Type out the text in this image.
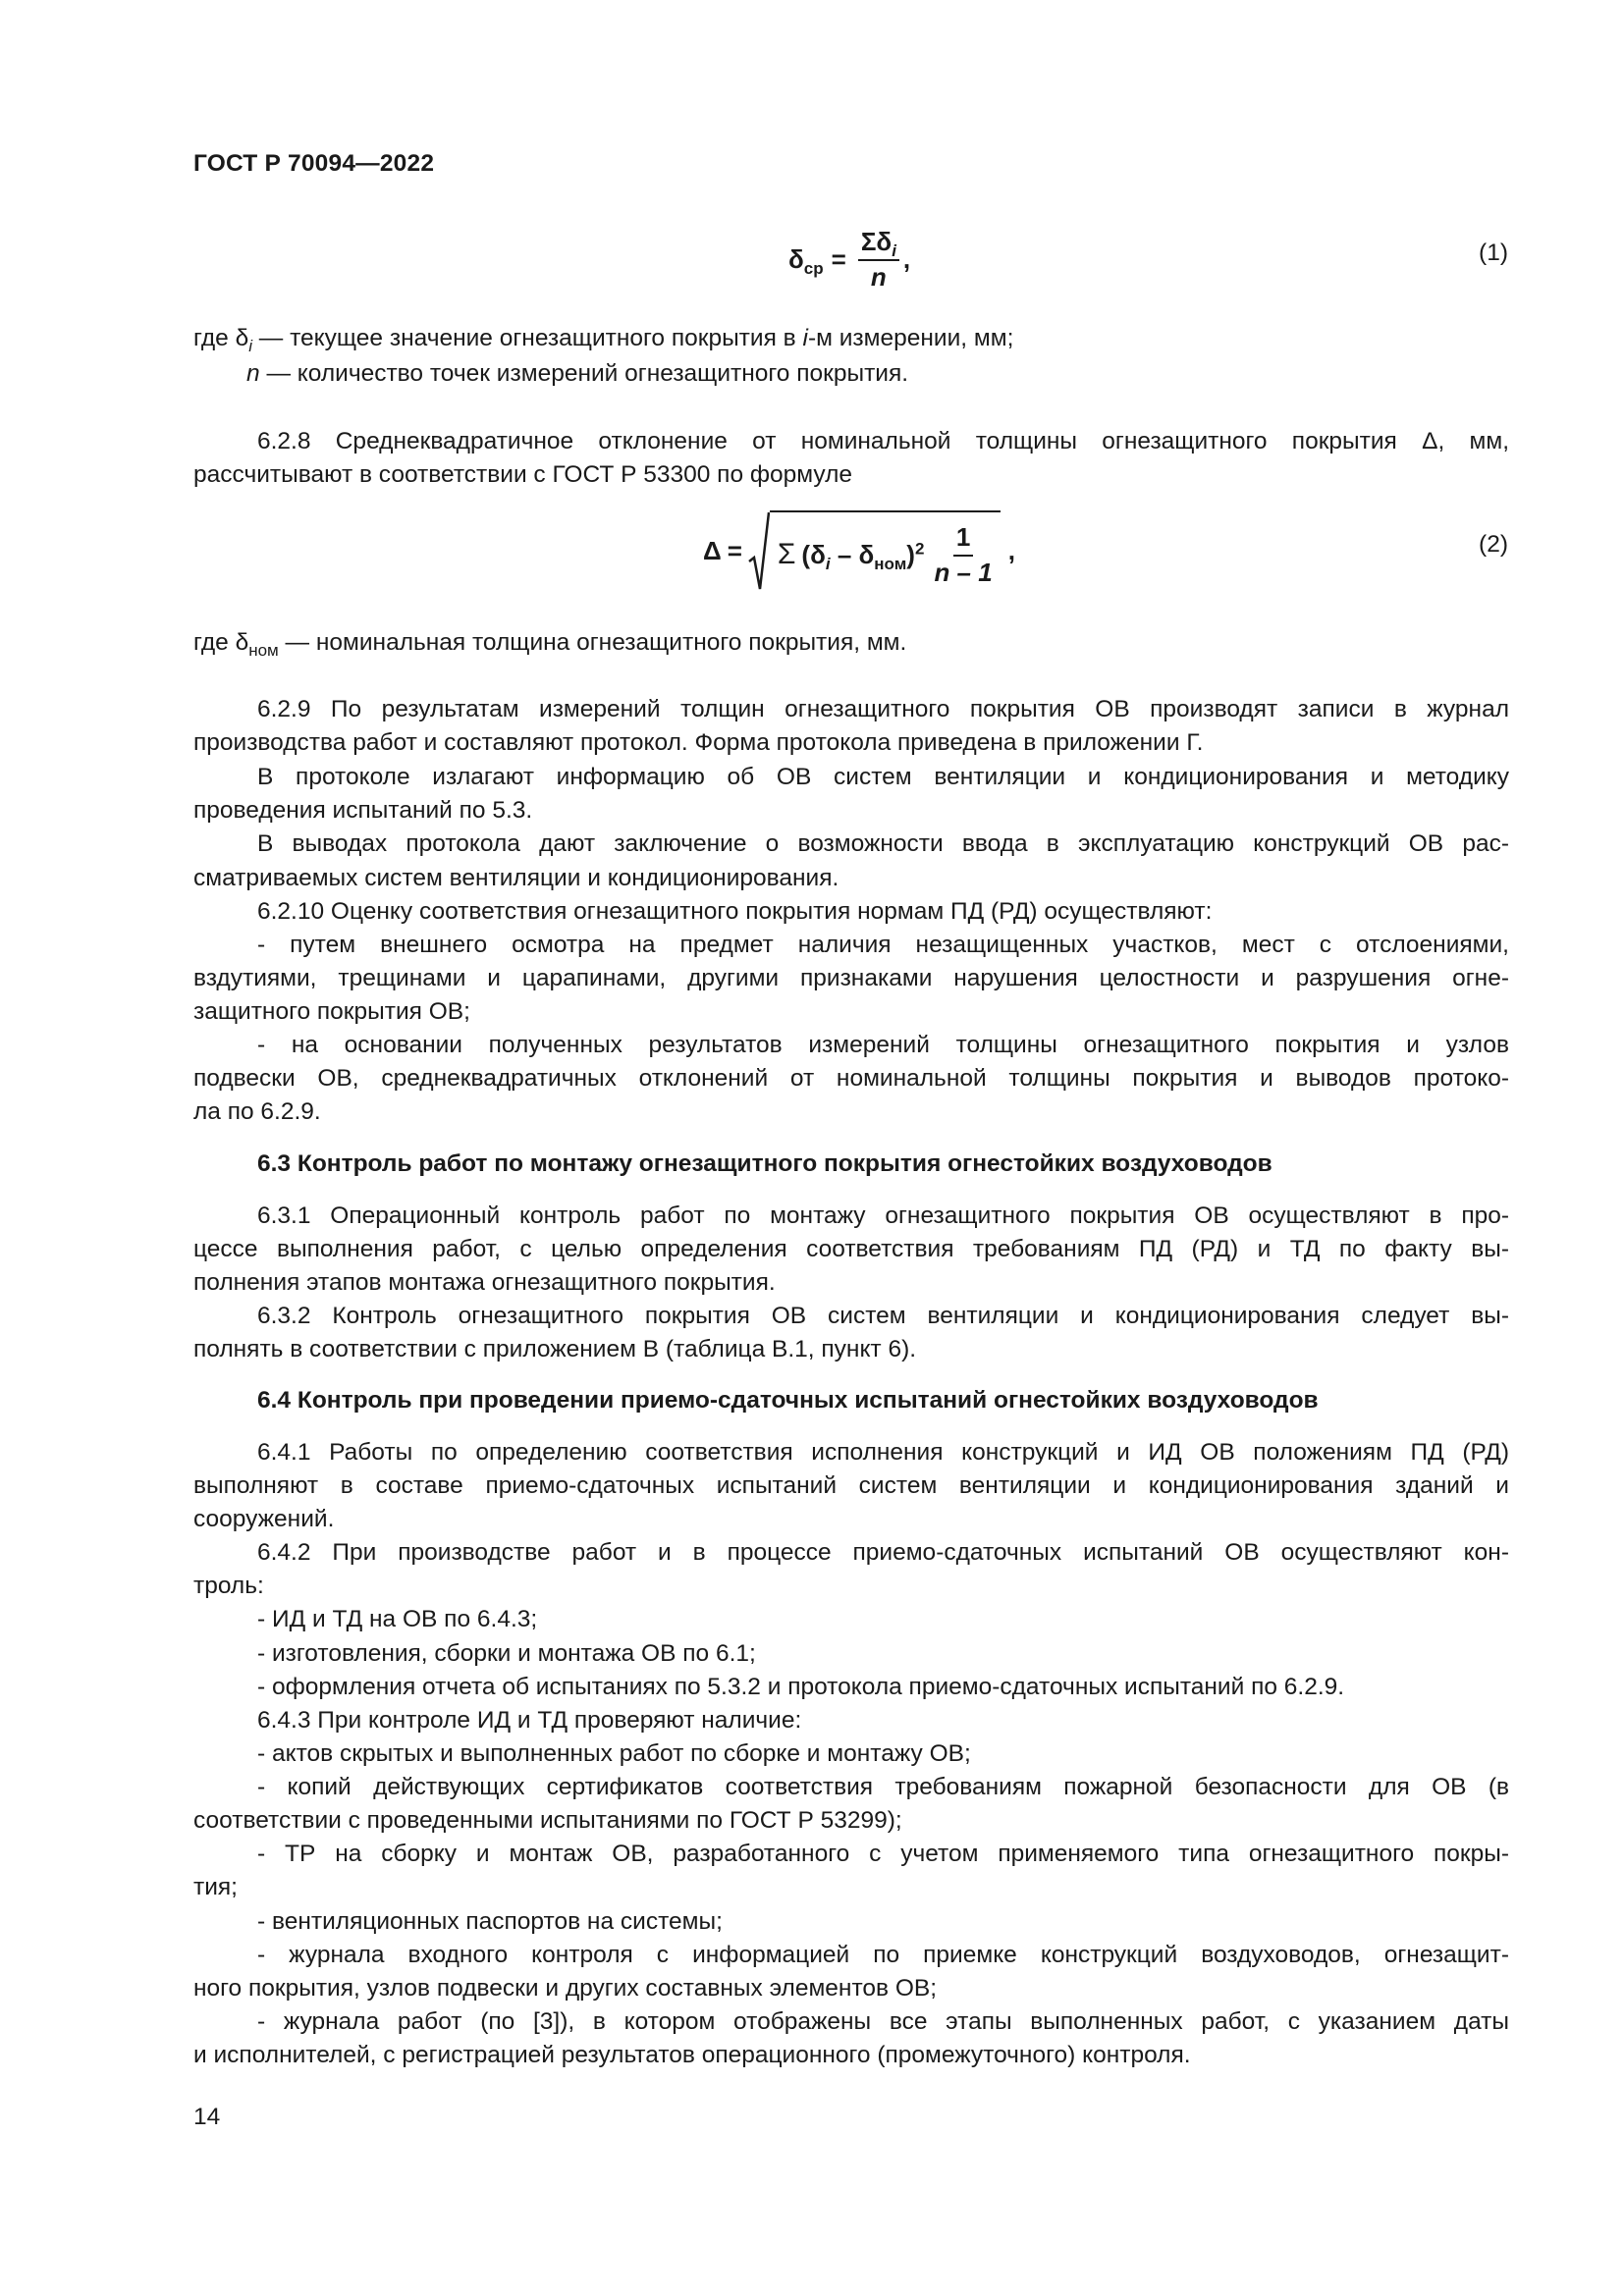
ГОСТ Р 70094—2022
$\delta_{ср} = \frac{\Sigma\delta_i}{n}$ ,	(1)
где $\delta_i$ — текущее значение огнезащитного покрытия в i-м измерении, мм;
n — количество точек измерений огнезащитного покрытия.
6.2.8 Среднеквадратичное отклонение от номинальной толщины огнезащитного покрытия Δ, мм,
рассчитывают в соответствии с ГОСТ Р 53300 по формуле
Δ = Σ $(\delta_i - \delta_{ном})^2 \frac{1}{n - 1}$ ,	(2)
где $\delta_{ном}$ — номинальная толщина огнезащитного покрытия, мм.
6.2.9 По результатам измерений толщин огнезащитного покрытия ОВ производят записи в журнал
производства работ и составляют протокол. Форма протокола приведена в приложении Г.
В протоколе излагают информацию об ОВ систем вентиляции и кондиционирования и методику
проведения испытаний по 5.3.
В выводах протокола дают заключение о возможности ввода в эксплуатацию конструкций ОВ рас-
сматриваемых систем вентиляции и кондиционирования.
6.2.10 Оценку соответствия огнезащитного покрытия нормам ПД (РД) осуществляют:
- путем внешнего осмотра на предмет наличия незащищенных участков, мест с отслоениями,
вздутиями, трещинами и царапинами, другими признаками нарушения целостности и разрушения огне-
защитного покрытия ОВ;
- на основании полученных результатов измерений толщины огнезащитного покрытия и узлов
подвески ОВ, среднеквадратичных отклонений от номинальной толщины покрытия и выводов протоко-
ла по 6.2.9.
6.3 Контроль работ по монтажу огнезащитного покрытия огнестойких воздуховодов
6.3.1 Операционный контроль работ по монтажу огнезащитного покрытия ОВ осуществляют в про-
цессе выполнения работ, с целью определения соответствия требованиям ПД (РД) и ТД по факту вы-
полнения этапов монтажа огнезащитного покрытия.
6.3.2 Контроль огнезащитного покрытия ОВ систем вентиляции и кондиционирования следует вы-
полнять в соответствии с приложением В (таблица В.1, пункт 6).
6.4 Контроль при проведении приемо-сдаточных испытаний огнестойких воздуховодов
6.4.1 Работы по определению соответствия исполнения конструкций и ИД ОВ положениям ПД (РД)
выполняют в составе приемо-сдаточных испытаний систем вентиляции и кондиционирования зданий и
сооружений.
6.4.2 При производстве работ и в процессе приемо-сдаточных испытаний ОВ осуществляют кон-
троль:
- ИД и ТД на ОВ по 6.4.3;
- изготовления, сборки и монтажа ОВ по 6.1;
- оформления отчета об испытаниях по 5.3.2 и протокола приемо-сдаточных испытаний по 6.2.9.
6.4.3 При контроле ИД и ТД проверяют наличие:
- актов скрытых и выполненных работ по сборке и монтажу ОВ;
- копий действующих сертификатов соответствия требованиям пожарной безопасности для ОВ (в
соответствии с проведенными испытаниями по ГОСТ Р 53299);
- ТР на сборку и монтаж ОВ, разработанного с учетом применяемого типа огнезащитного покры-
тия;
- вентиляционных паспортов на системы;
- журнала входного контроля с информацией по приемке конструкций воздуховодов, огнезащит-
ного покрытия, узлов подвески и других составных элементов ОВ;
- журнала работ (по [3]), в котором отображены все этапы выполненных работ, с указанием даты
и исполнителей, с регистрацией результатов операционного (промежуточного) контроля.
14
